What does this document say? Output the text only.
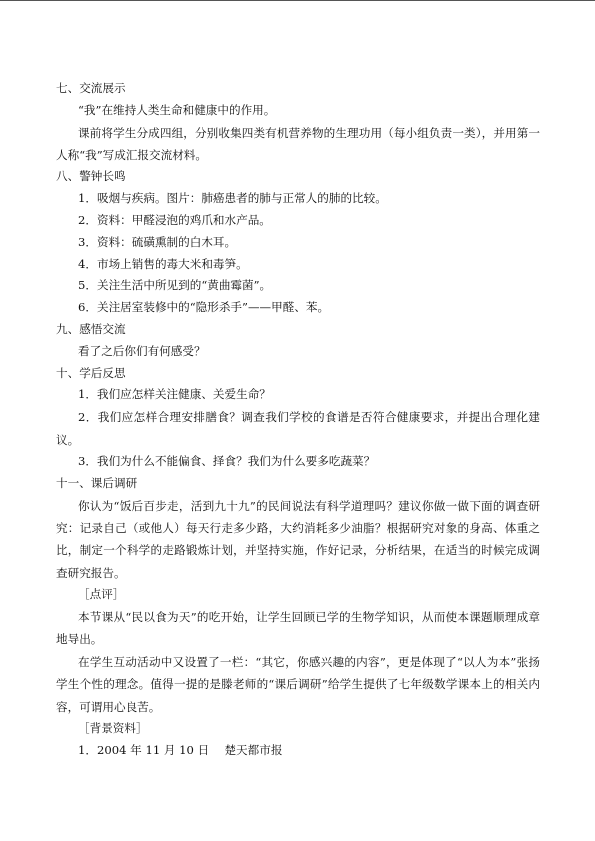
七、交流展示
“我”在维持人类生命和健康中的作用。
课前将学生分成四组，分别收集四类有机营养物的生理功用（每小组负责一类），并用第一人称“我”写成汇报交流材料。
八、警钟长鸣
1．吸烟与疾病。图片：肺癌患者的肺与正常人的肺的比较。
2．资料：甲醛浸泡的鸡爪和水产品。
3．资料：硫磺熏制的白木耳。
4．市场上销售的毒大米和毒笋。
5．关注生活中所见到的“黄曲霉菌”。
6．关注居室装修中的“隐形杀手”——甲醛、苯。
九、感悟交流
看了之后你们有何感受？
十、学后反思
1．我们应怎样关注健康、关爱生命？
2．我们应怎样合理安排膳食？调查我们学校的食谱是否符合健康要求，并提出合理化建议。
3．我们为什么不能偏食、择食？我们为什么要多吃蔬菜？
十一、课后调研
你认为“饭后百步走，活到九十九”的民间说法有科学道理吗？建议你做一做下面的调查研究：记录自己（或他人）每天行走多少路，大约消耗多少油脂？根据研究对象的身高、体重之比，制定一个科学的走路锻炼计划，并坚持实施，作好记录，分析结果，在适当的时候完成调查研究报告。
［点评］
本节课从“民以食为天”的吃开始，让学生回顾已学的生物学知识，从而使本课题顺理成章地导出。
在学生互动活动中又设置了一栏：“其它，你感兴趣的内容”，更是体现了“以人为本”张扬学生个性的理念。值得一提的是滕老师的“课后调研”给学生提供了七年级数学课本上的相关内容，可谓用心良苦。
［背景资料］
1．2004 年 11 月 10 日　 楚天都市报
